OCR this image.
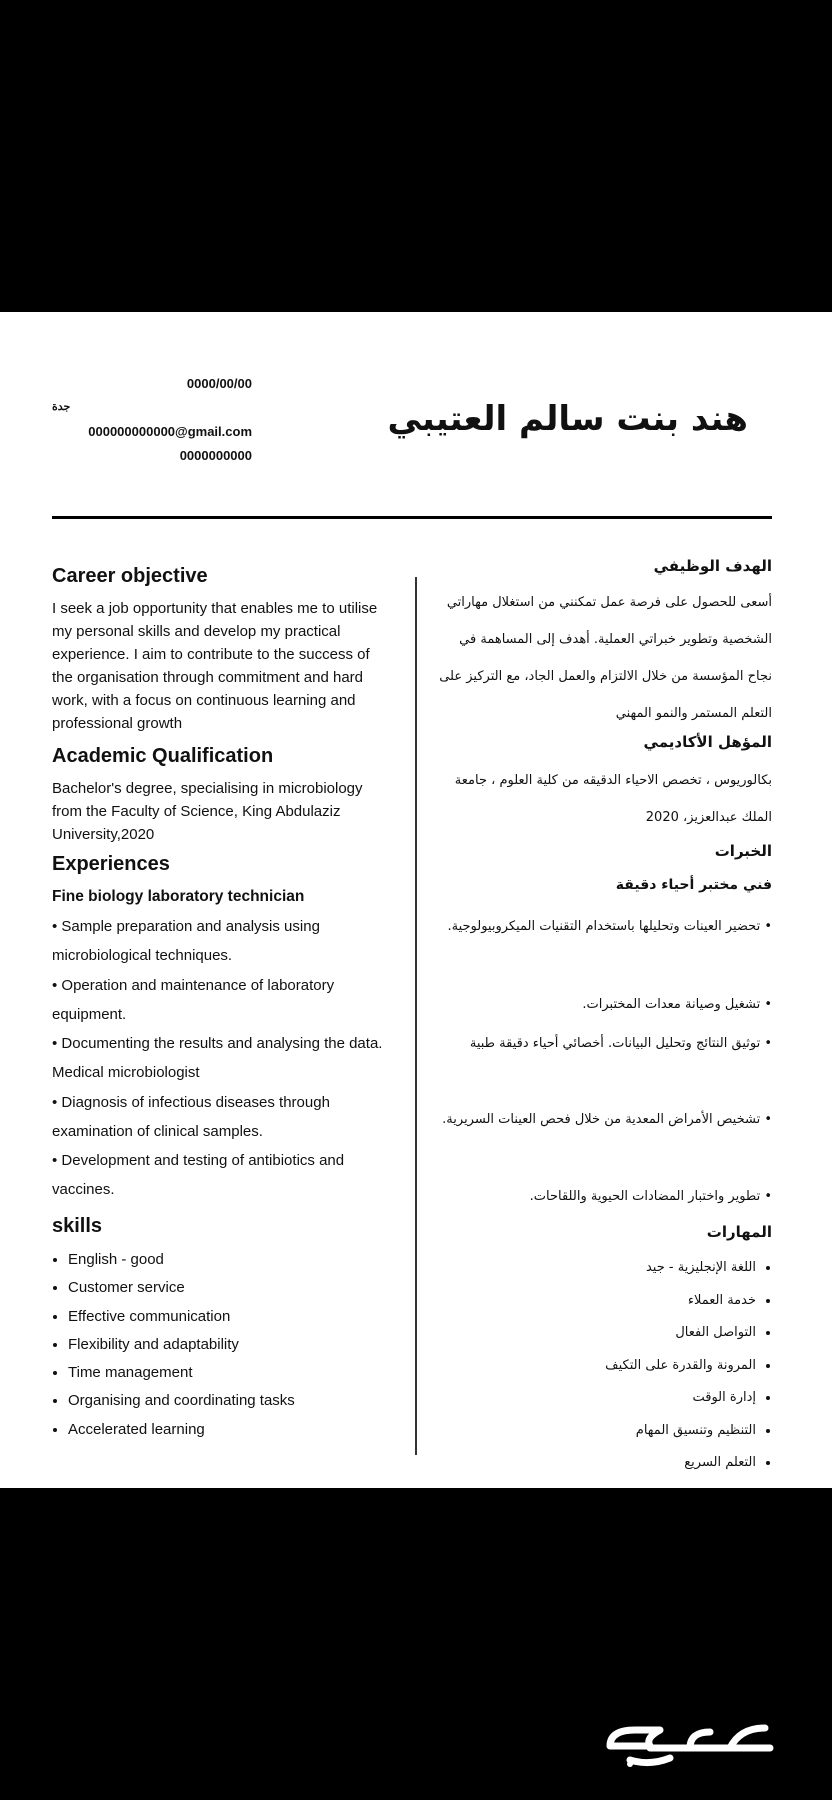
0000/00/00
جدة
000000000000@gmail.com
0000000000
هند بنت سالم العتيبي
Career objective
I seek a job opportunity that enables me to utilise my personal skills and develop my practical experience. I aim to contribute to the success of the organisation through commitment and hard work, with a focus on continuous learning and professional growth
Academic Qualification
Bachelor's degree, specialising in microbiology from the Faculty of Science, King Abdulaziz University,2020
Experiences
Fine biology laboratory technician
• Sample preparation and analysis using microbiological techniques.
• Operation and maintenance of laboratory equipment.
• Documenting the results and analysing the data. Medical microbiologist
• Diagnosis of infectious diseases through examination of clinical samples.
• Development and testing of antibiotics and vaccines.
skills
• English - good
• Customer service
• Effective communication
• Flexibility and adaptability
• Time management
• Organising and coordinating tasks
• Accelerated learning
الهدف الوظيفي
أسعى للحصول على فرصة عمل تمكنني من استغلال مهاراتي الشخصية وتطوير خبراتي العملية. أهدف إلى المساهمة في نجاح المؤسسة من خلال الالتزام والعمل الجاد، مع التركيز على التعلم المستمر والنمو المهني
المؤهل الأكاديمي
بكالوريوس ، تخصص الاحياء الدقيقه من كلية العلوم ، جامعة الملك عبدالعزيز، 2020
الخبرات
فني مختبر أحياء دقيقة
• تحضير العينات وتحليلها باستخدام التقنيات الميكروبيولوجية.
• تشغيل وصيانة معدات المختبرات.
• توثيق النتائج وتحليل البيانات. أخصائي أحياء دقيقة طبية
• تشخيص الأمراض المعدية من خلال فحص العينات السريرية.
• تطوير واختبار المضادات الحيوية واللقاحات.
المهارات
• اللغة الإنجليزية - جيد
• خدمة العملاء
• التواصل الفعال
• المرونة والقدرة على التكيف
• إدارة الوقت
• التنظيم وتنسيق المهام
• التعلم السريع
